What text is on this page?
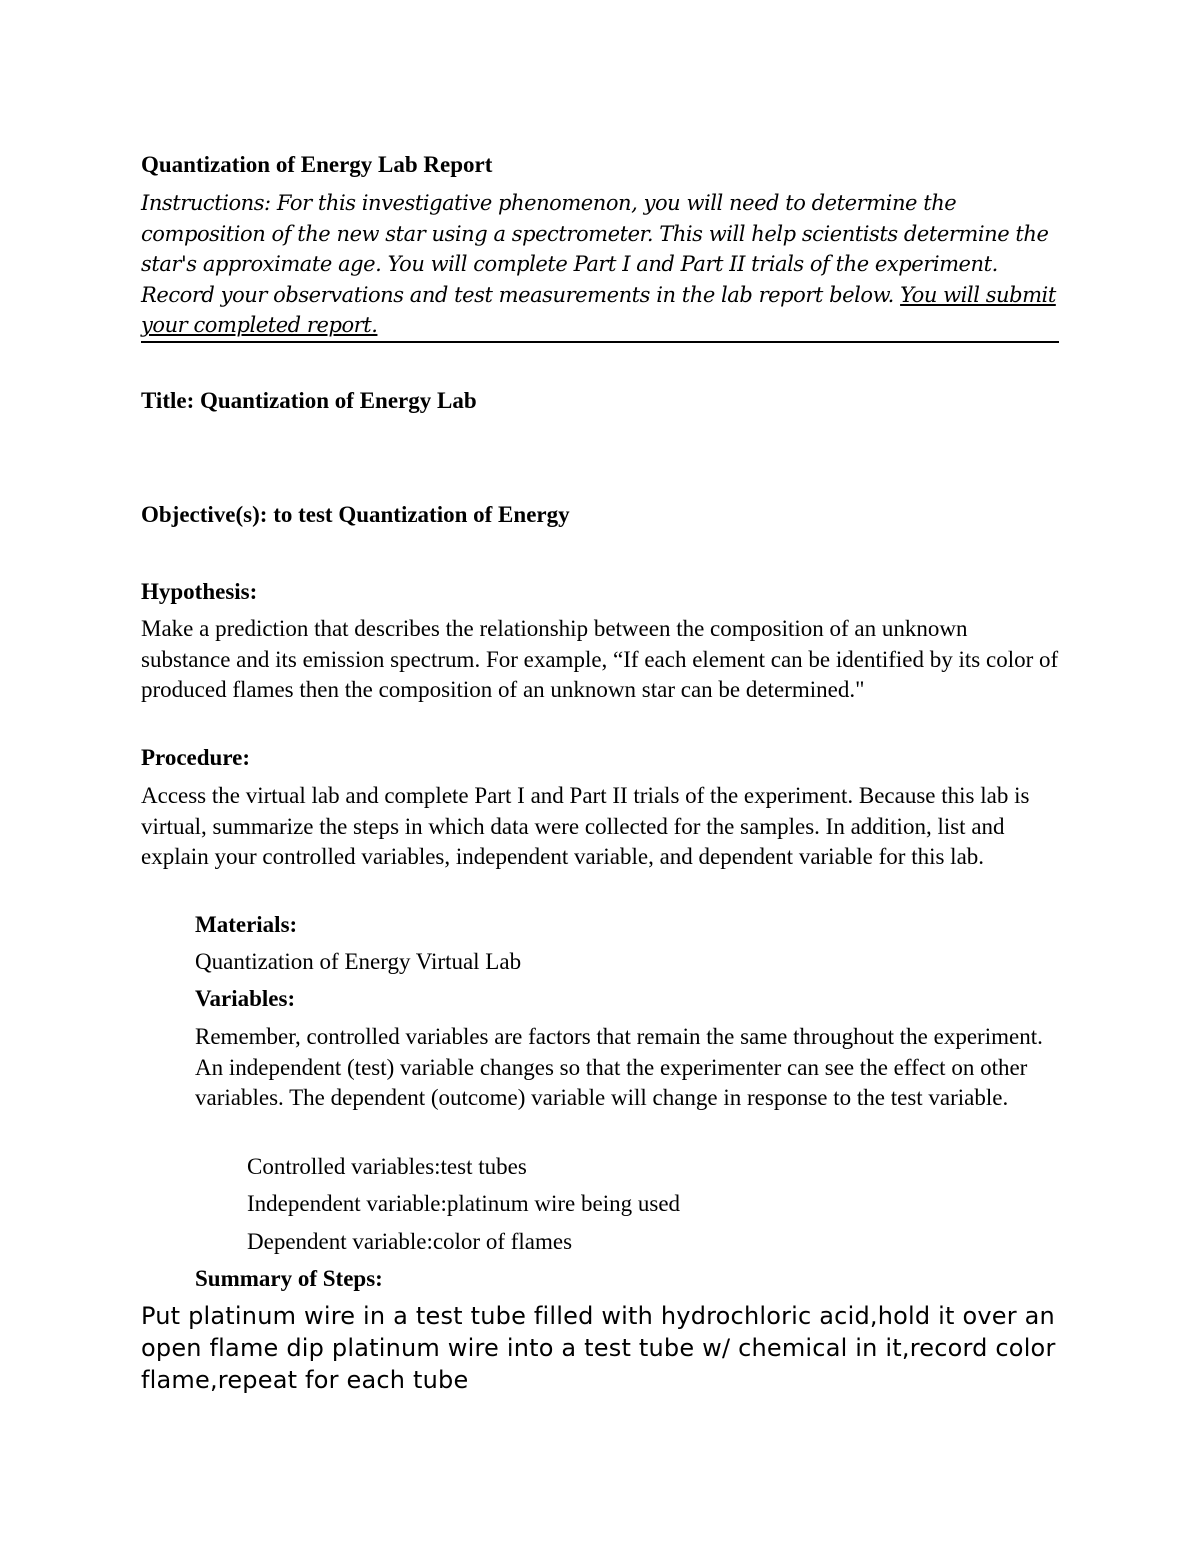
Quantization of Energy Lab Report

Instructions: For this investigative phenomenon, you will need to determine the composition of the new star using a spectrometer. This will help scientists determine the star's approximate age. You will complete Part I and Part II trials of the experiment. Record your observations and test measurements in the lab report below. You will submit your completed report.

Title: Quantization of Energy Lab

Objective(s): to test Quantization of Energy

Hypothesis:

Make a prediction that describes the relationship between the composition of an unknown substance and its emission spectrum. For example, “If each element can be identified by its color of produced flames then the composition of an unknown star can be determined."

Procedure:

Access the virtual lab and complete Part I and Part II trials of the experiment. Because this lab is virtual, summarize the steps in which data were collected for the samples. In addition, list and explain your controlled variables, independent variable, and dependent variable for this lab.

Materials:

Quantization of Energy Virtual Lab

Variables:

Remember, controlled variables are factors that remain the same throughout the experiment. An independent (test) variable changes so that the experimenter can see the effect on other variables. The dependent (outcome) variable will change in response to the test variable.

Controlled variables:test tubes

Independent variable:platinum wire being used

Dependent variable:color of flames

Summary of Steps:

Put platinum wire in a test tube filled with hydrochloric acid,hold it over an open flame dip platinum wire into a test tube w/ chemical in it,record color flame,repeat for each tube
